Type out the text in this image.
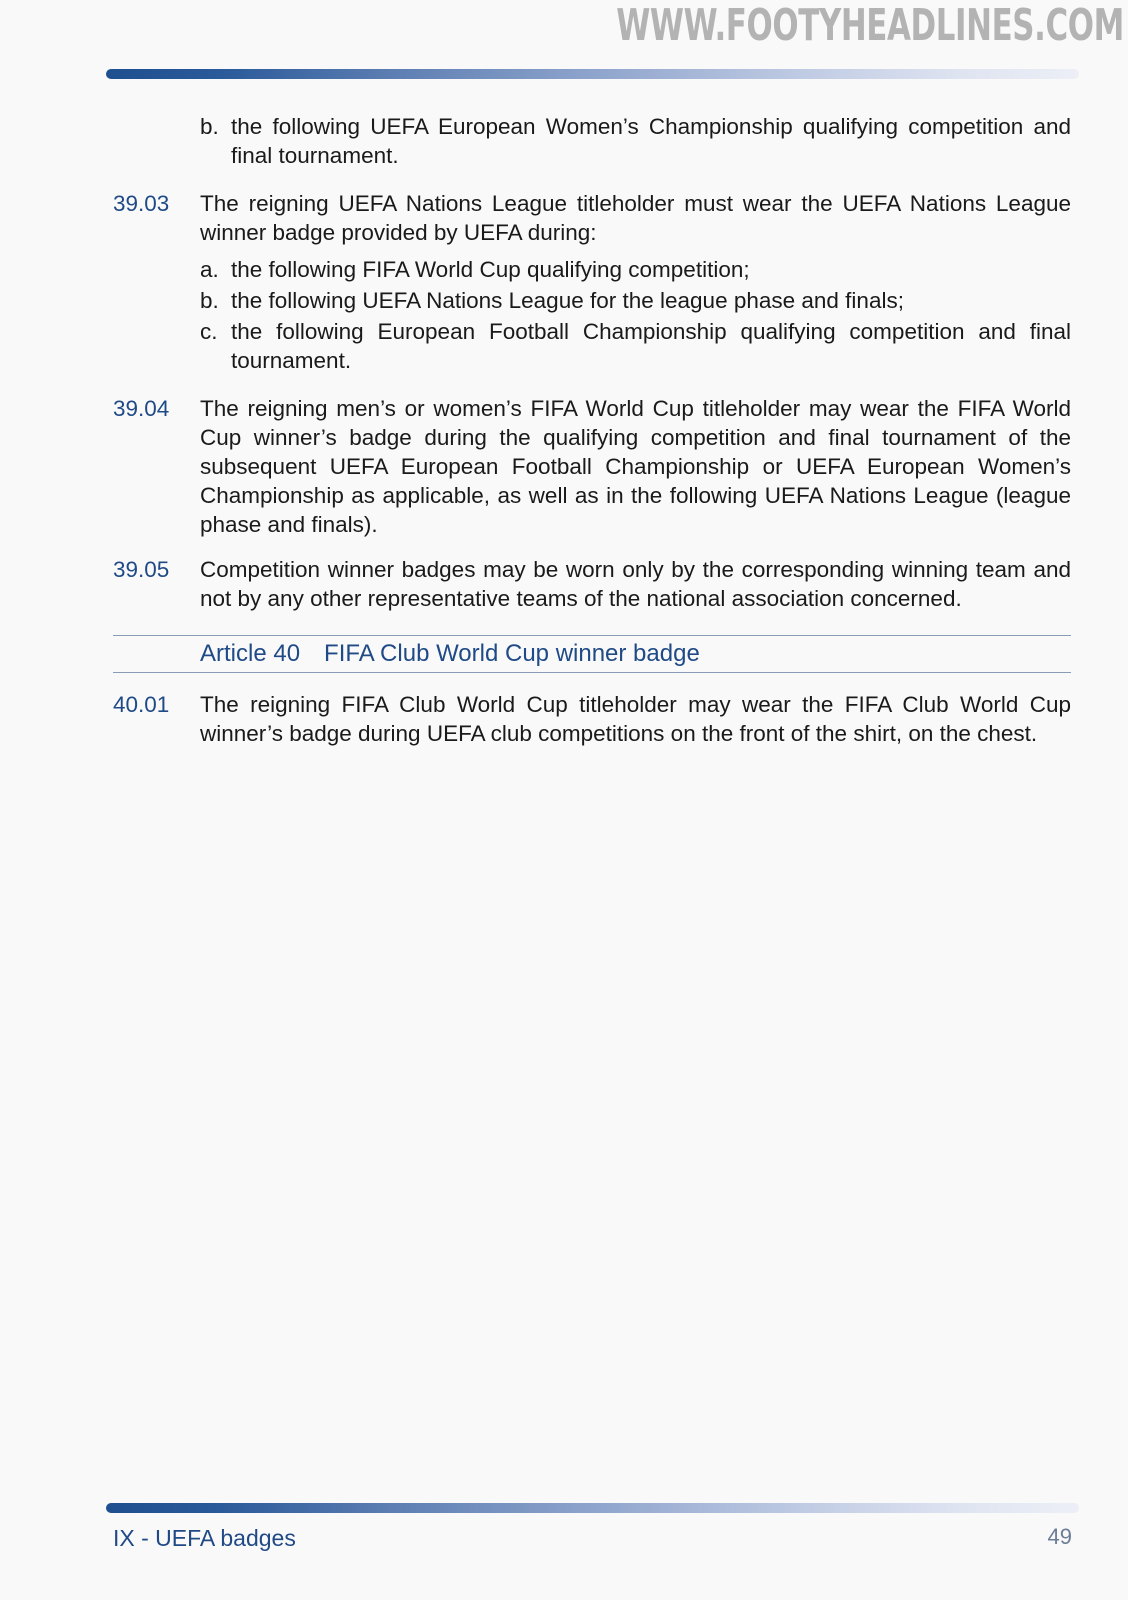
WWW.FOOTYHEADLINES.COM
b. the following UEFA European Women’s Championship qualifying competition and final tournament.
39.03 The reigning UEFA Nations League titleholder must wear the UEFA Nations League winner badge provided by UEFA during:
a. the following FIFA World Cup qualifying competition;
b. the following UEFA Nations League for the league phase and finals;
c. the following European Football Championship qualifying competition and final tournament.
39.04 The reigning men’s or women’s FIFA World Cup titleholder may wear the FIFA World Cup winner’s badge during the qualifying competition and final tournament of the subsequent UEFA European Football Championship or UEFA European Women’s Championship as applicable, as well as in the following UEFA Nations League (league phase and finals).
39.05 Competition winner badges may be worn only by the corresponding winning team and not by any other representative teams of the national association concerned.
Article 40 FIFA Club World Cup winner badge
40.01 The reigning FIFA Club World Cup titleholder may wear the FIFA Club World Cup winner’s badge during UEFA club competitions on the front of the shirt, on the chest.
IX - UEFA badges	49
